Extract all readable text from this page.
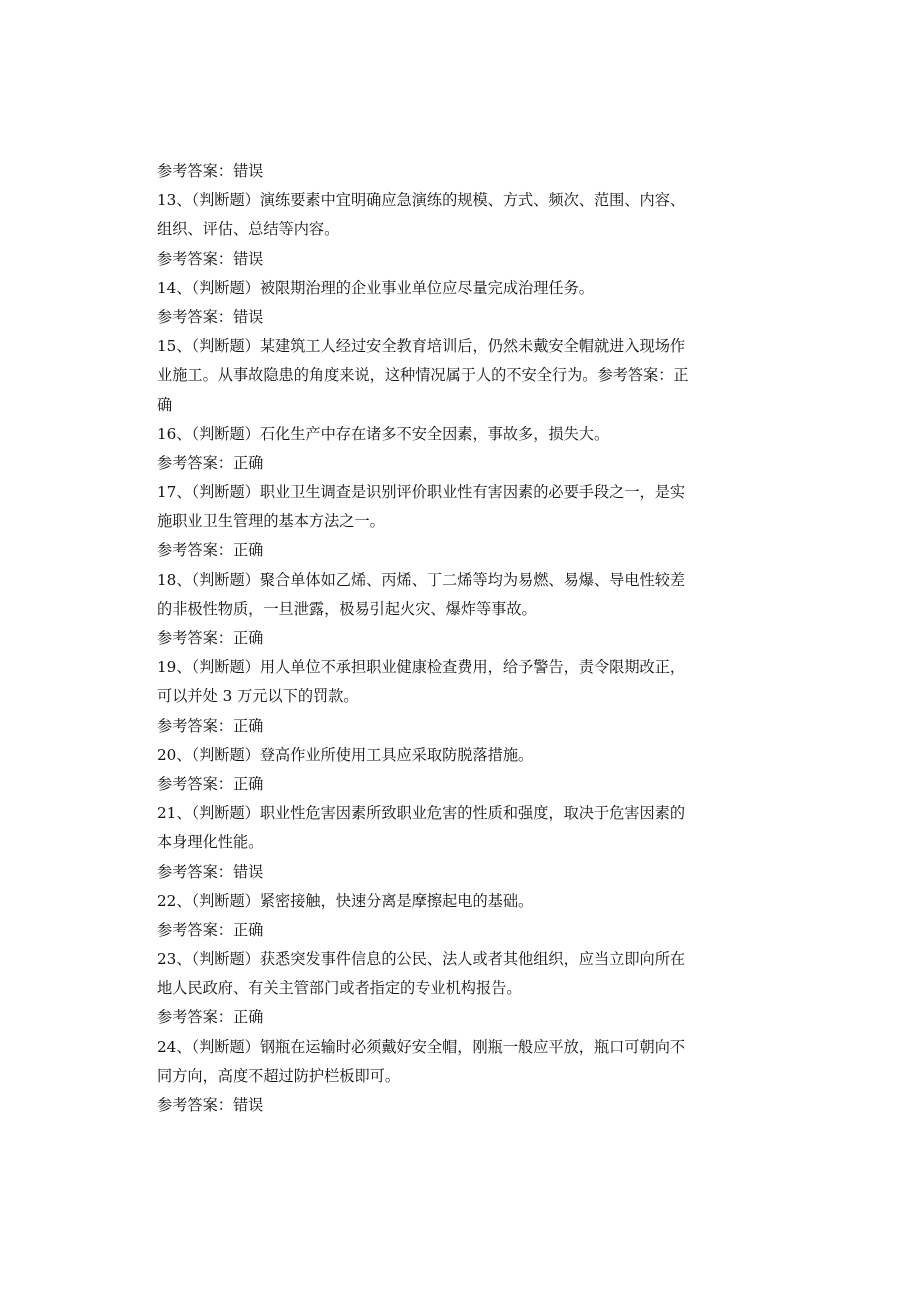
参考答案：错误
13、（判断题）演练要素中宜明确应急演练的规模、方式、频次、范围、内容、
组织、评估、总结等内容。
参考答案：错误
14、（判断题）被限期治理的企业事业单位应尽量完成治理任务。
参考答案：错误
15、（判断题）某建筑工人经过安全教育培训后，仍然未戴安全帽就进入现场作
业施工。从事故隐患的角度来说，这种情况属于人的不安全行为。参考答案：正
确
16、（判断题）石化生产中存在诸多不安全因素，事故多，损失大。
参考答案：正确
17、（判断题）职业卫生调查是识别评价职业性有害因素的必要手段之一，是实
施职业卫生管理的基本方法之一。
参考答案：正确
18、（判断题）聚合单体如乙烯、丙烯、丁二烯等均为易燃、易爆、导电性较差
的非极性物质，一旦泄露，极易引起火灾、爆炸等事故。
参考答案：正确
19、（判断题）用人单位不承担职业健康检查费用，给予警告，责令限期改正，
可以并处 3 万元以下的罚款。
参考答案：正确
20、（判断题）登高作业所使用工具应采取防脱落措施。
参考答案：正确
21、（判断题）职业性危害因素所致职业危害的性质和强度，取决于危害因素的
本身理化性能。
参考答案：错误
22、（判断题）紧密接触，快速分离是摩擦起电的基础。
参考答案：正确
23、（判断题）获悉突发事件信息的公民、法人或者其他组织，应当立即向所在
地人民政府、有关主管部门或者指定的专业机构报告。
参考答案：正确
24、（判断题）钢瓶在运输时必须戴好安全帽，刚瓶一般应平放，瓶口可朝向不
同方向，高度不超过防护栏板即可。
参考答案：错误
